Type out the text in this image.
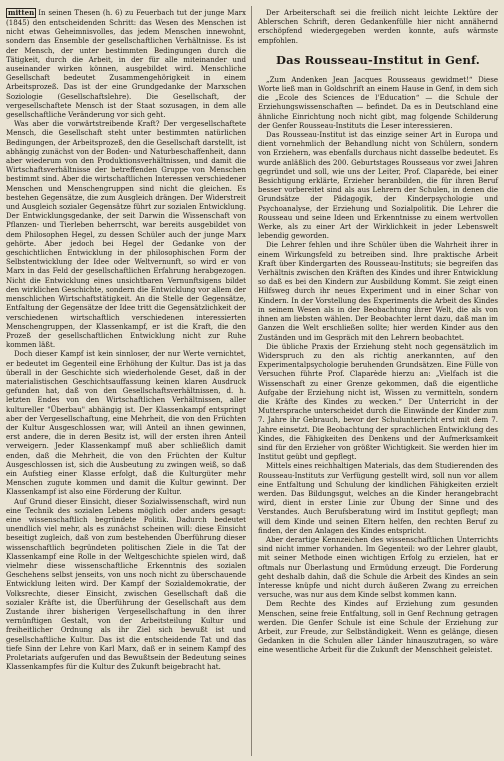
mitten In seinen Thesen (h. 6) zu Feuerbach tut der junge Marx (1845) den entscheidenden Schritt: das Wesen des Menschen ist nicht etwas Geheimnisvolles, das jedem Menschen innewohnt, sondern das Ensemble der gesellschaftlichen Verhältnisse. Es ist der Mensch, der unter bestimmten Bedingungen durch die Tätigkeit, durch die Arbeit, in der für alle miteinander und auseinander wirken können, ausgebildet wird. Menschliche Gesellschaft bedeutet Zusammengehörigkeit in einem Arbeitsprozeß. Das ist der eine Grundgedanke der Marxschen Soziologie (Gesellschaftslehre). Die Gesellschaft, der vergesellschaftete Mensch ist der Staat sozusagen, in dem alle gesellschaftliche Veränderung vor sich geht.

Was aber die vorwärtstreibende Kraft? Der vergesellschaftete Mensch, die Gesellschaft steht unter bestimmten natürlichen Bedingungen, der Arbeitsprozeß, den die Gesellschaft darstellt, ist abhängig zunächst von der Boden- und Naturbeschaffenheit, dann aber wiederum von den Produktionsverhältnissen, und damit die Wirtschaftsverhältnisse der betreffenden Gruppe von Menschen bestimmt sind. Aber die wirtschaftlichen Interessen verschiedener Menschen und Menschengruppen sind nicht die gleichen. Es bestehen Gegensätze, die zum Ausgleich drängen. Der Widerstreit und Ausgleich sozialer Gegensätze führt zur sozialen Entwicklung. Der Entwicklungsgedanke, der seit Darwin die Wissenschaft von Pflanzen- und Tierleben beherrscht, war bereits ausgebildet von dem Philosophen Hegel, zu dessen Schüler auch der junge Marx gehörte. Aber jedoch bei Hegel der Gedanke von der geschichtlichen Entwicklung in der philosophischen Form der Selbstentwicklung der Idee oder Weltvernunft, so wird er von Marx in das Feld der gesellschaftlichen Erfahrung herabgezogen. Nicht die Entwicklung eines unsichtbaren Vernunftsigens bildet den wirklichen Geschichte, sondern die Entwicklung vor allem der menschlichen Wirtschaftstätigkeit. An die Stelle der Gegensätze, Entfaltung der Gegensätze der Idee tritt die Gegensätzlichkeit der verschiedenen wirtschaftlich verschiedenen interessierten Menschengruppen, der Klassenkampf, er ist die Kraft, die den Prozeß der gesellschaftlichen Entwicklung nicht zur Ruhe kommen läßt.

Doch dieser Kampf ist kein sinnloser, der nur Werte vernichtet, er bedeutet im Gegenteil eine Erhöhung der Kultur. Das ist ja das überall in der Geschichte sich wiederholende Geset, daß in der materialistischen Geschichtsauffassung keinen klaren Ausdruck gefunden hat, daß von den Gesellschaftsverhältnissen, d. h. letzten Endes von den Wirtschaftlichen Verhältnissen, aller kultureller "Überbau" abhängig ist. Der Klassenkampf entspringt aber der Vergesellschaftung, eine Mehrheit, die von den Früchten der Kultur Ausgeschlossen war, will Anteil an ihnen gewinnen, erst andere, die in deren Besitz ist, will der ersten ihren Anteil verweigern. Jeder Klassenkampf muß aber schließlich damit enden, daß die Mehrheit, die von den Früchten der Kultur Ausgeschlossen ist, sich die Ausbeutung zu zwingen weiß, so daß ein Aufstieg einer Klasse erfolgt, daß die Kulturgüter mehr Menschen zugute kommen und damit die Kultur gewinnt. Der Klassenkampf ist also eine Förderung der Kultur.

Auf Grund dieser Einsicht, dieser Sozialwissenschaft, wird nun eine Technik des sozialen Lebens möglich oder anders gesagt: eine wissenschaftlich begründete Politik. Dadurch bedeutet unendlich viel mehr, als es zunächst scheinen will: diese Einsicht beseitigt zugleich, daß von zum bestehenden Überführung dieser wissenschaftlich begründeten politischen Ziele in die Tat der Klassenkampf eine Rolle in der Weltgeschichte spielen wird, daß vielmehr diese wissenschaftliche Erkenntnis des sozialen Geschehens selbst jenseits, von uns noch nicht zu überschauende Entwicklung leiten wird. Der Kampf der Sozialdemokratie, der Volksrechte, dieser Einsicht, zwischen Gesellschaft daß die sozialer Kräfte ist, die Überführung der Gesellschaft aus dem Zustande ihrer bisherigen Vergesellschaftung in den ihrer vernünftigen Gestalt, von der Arbeitsteilung Kultur und freiheitlicher Ordnung als ihr Ziel sich bewußt ist und gesellschaftliche Kultur. Das ist die entscheidende Tat und das tiefe Sinn der Lehre von Karl Marx, daß er in seinem Kampf des Proletariats aufgerufen und das Bewußtsein der Bedeutung seines Klassenkampfes für die Kultur des Zukunft beigebracht hat.

Der Arbeiterschaft sei die freilich nicht leichte Lektüre der Ablerschen Schrift, deren Gedankenfülle hier nicht annähernd erschöpfend wiedergegeben werden konnte, aufs wärmste empfohlen.

Das Rousseau-Institut in Genf.

„Zum Andenken Jean Jacques Rousseaus gewidmet!“ Diese Worte ließ man in Goldschrift an einem Hause in Genf, in dem sich die „Ecole des Sciences de l'Education“ — die Schule der Erziehungswissenschaften — befindet. Da es in Deutschland eine ähnliche Einrichtung noch nicht gibt, mag folgende Schilderung der Genfer Rousseau-Instituts die Leser interessieren.

Das Rousseau-Institut ist das einzige seiner Art in Europa und dient vornehmlich der Behandlung nicht von Schülern, sondern von Erziehern, was ebenfalls durchaus nicht dasselbe bedeutet. Es wurde anläßlich des 200. Geburtstages Rousseaus vor zwei Jahren gegründet und soll, wie uns der Leiter, Prof. Claparède, bei einer Besichtigung erklärte, Erzieher heranbilden, die für ihren Beruf besser vorbereitet sind als aus Lehrern der Schulen, in denen die Grundsätze der Pädagogik, der Kinderpsychologie und Psychoanalyse, der Erziehung und Sozialpolitik. Die Lehrer die Rousseau und seine Ideen und Erkenntnisse zu einem wertvollen Werke, als zu einer Art der Wirklichkeit in jeder Lebenswelt lebendig geworden.

Die Lehrer fehlen und ihre Schüler üben die Wahrheit ihrer in einem Wirkungsfeld zu betreiben sind. Ihre praktische Arbeit Kraft über Kindergarten des Rousseau-Instituts; sie begreifen das Verhältnis zwischen den Kräften des Kindes und ihrer Entwicklung so daß es bei den Kindern zur Ausbildung Kommt. Sie zeigt einen Hilfsweg durch ihr neues Experiment und in einer Schar von Kindern. In der Vorstellung des Experiments die Arbeit des Kindes in seinem Wesen als in der Beobachtung ihrer Welt, die als von ihnen am liebsten wählen. Der Beobachter lernt dazu, daß man im Ganzen die Welt erschließen sollte; hier werden Kinder aus den Zuständen und im Gespräch mit den Lehrern beobachtet.

Die übliche Praxis der Erziehung steht noch gegensätzlich im Widerspruch zu den als richtig anerkannten, auf den Experimentalpsychologie beruhenden Grundsätzen. Eine Fülle von Versuchen führte Prof. Claparède hierzu an: „Vielfach ist die Wissenschaft zu einer Grenze gekommen, daß die eigentliche Aufgabe der Erziehung nicht ist, Wissen zu vermitteln, sondern die Kräfte des Kindes zu wecken.“ Der Unterricht in der Muttersprache unterscheidet durch die Einwände der Kinder zum 7. Jahre ihr Gebrauch, bevor der Schulunterricht erst mit dem 7. Jahre einsetzt. Die Beobachtung der sprachlichen Entwicklung des Kindes, die Fähigkeiten des Denkens und der Aufmerksamkeit sind für den Erzieher von größter Wichtigkeit. Sie werden hier im Institut geübt und gepflegt.

Mittels eines reichhaltigen Materials, das dem Studierenden des Rousseau-Instituts zur Verfügung gestellt wird, soll nun vor allem eine Entfaltung und Schulung der kindlichen Fähigkeiten erzielt werden. Das Bildungsgut, welches an die Kinder herangebracht wird, dient in erster Linie zur Übung der Sinne und des Verstandes. Auch Berufsberatung wird im Institut gepflegt; man will dem Kinde und seinen Eltern helfen, den rechten Beruf zu finden, der den Anlagen des Kindes entspricht.

Aber derartige Kennzeichen des wissenschaftlichen Unterrichts sind nicht immer vorhanden. Im Gegenteil: wo der Lehrer glaubt, mit seiner Methode einen wichtigen Erfolg zu erzielen, hat er oftmals nur Überlastung und Ermüdung erzeugt. Die Forderung geht deshalb dahin, daß die Schule die Arbeit des Kindes an sein Interesse knüpfe und nicht durch äußeren Zwang zu erreichen versuche, was nur aus dem Kinde selbst kommen kann.

Dem Rechte des Kindes auf Erziehung zum gesunden Menschen, seine freie Entfaltung, soll in Genf Rechnung getragen werden. Die Genfer Schule ist eine Schule der Erziehung zur Arbeit, zur Freude, zur Selbständigkeit. Wenn es gelänge, diesen Gedanken in die Schulen aller Länder hinauszutragen, so wäre eine wesentliche Arbeit für die Zukunft der Menschheit geleistet.
